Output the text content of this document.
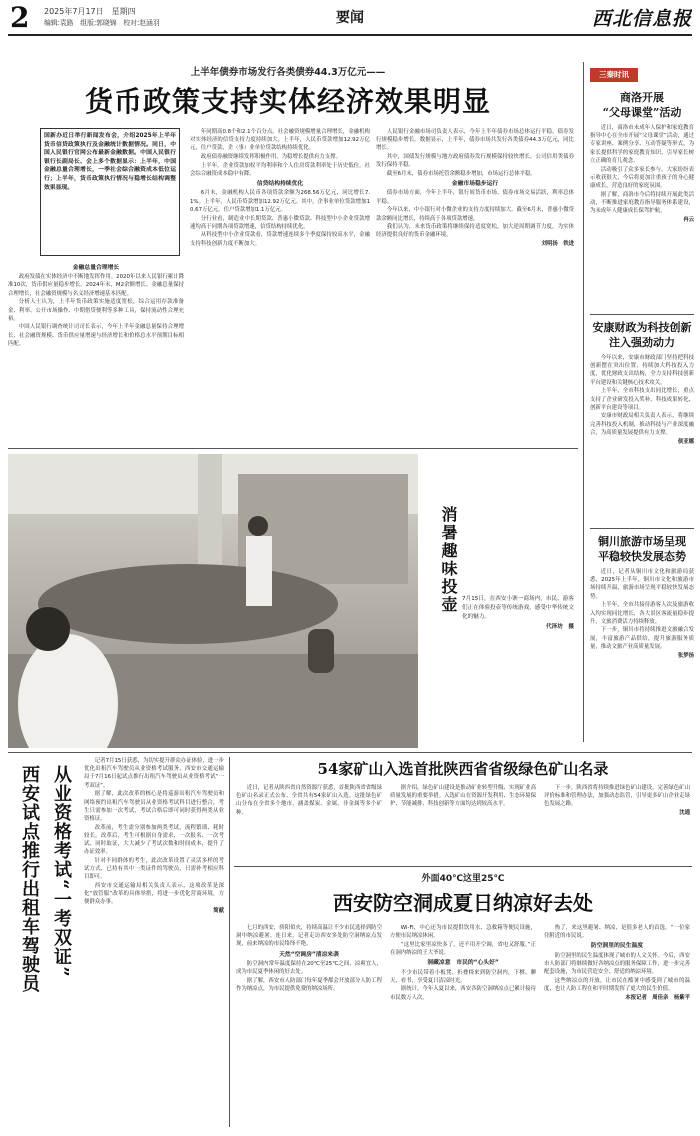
2	2025年7月17日　 星期四
编辑:袁路　组版:郭晓锦　校对:赵涵羽	要闻	西北信息报
上半年债券市场发行各类债券44.3万亿元——
货币政策支持实体经济效果明显
国新办近日举行新闻发布会，介绍2025年上半年货币信贷政策执行及金融统计数据情况。同日，中国人民银行官网公布最新金融数据。中国人民银行银行长副局长、会上多个数据显示：上半年，中国金融总量合理增长，一季社会综合融资成本低位运行；上半年，货币政策执行情况与稳增长结构调整效果显现。
金融总量合理增长

政府发债在实体经济中不断地发挥作用。2020年以来人民银行累计降准10次，货币供应量稳步增长。2024年末，M2余额增长、金融总量保持合理增长，社会融资规模与名义经济增速基本匹配。

分析人士认为，上半年货币政策实施适度宽松，综合运用存款准备金、利率、公开市场操作、中期借贷便利等多种工具，保持流动性合理充裕。

中国人民银行调查统计司司长表示，今年上半年金融总量保持合理增长，社会融资规模、货币供应量增速与经济增长和价格总水平预期目标相匹配。

年同期高0.8个和2.1个百分点。社会融资规模增量合理增长，金融机构对实体经济的信贷支持力度持续加大。上半年，人民币贷款增加12.92万亿元，住户贷款、企（事）业单位贷款结构持续优化。

政府债券融资继续发挥积极作用，为稳增长提供有力支撑。

上半年，企业贷款加权平均利率和个人住房贷款利率处于历史低位，社会综合融资成本稳中有降。

信贷结构持续优化

6月末，金融机构人民币各项贷款余额为268.56万亿元，同比增长7.1%。上半年，人民币贷款增加12.92万亿元。其中，企事业单位贷款增加10.67万亿元，住户贷款增加1.1万亿元。

分行业看，制造业中长期贷款、普惠小微贷款、科技型中小企业贷款增速均高于同期各项贷款增速，信贷结构持续优化。

从科技型中小企业贷款看，贷款增速连续多个季度保持较高水平，金融支持科技创新力度不断加大。

人民银行金融市场司负责人表示，今年上半年债券市场总体运行平稳，债券发行规模稳步增长。数据显示，上半年，债券市场共发行各类债券44.3万亿元，同比增长。

其中，国债发行规模与地方政府债券发行规模保持较快增长，公司信用类债券发行保持平稳。

截至6月末，债券市场托管余额稳步增加，市场运行总体平稳。

金融市场稳步运行

债券市场方面，今年上半年，银行间货币市场、债券市场交易活跃，利率总体平稳。

今年以来，中小银行对小微企业的支持力度持续加大。截至6月末，普惠小微贷款余额同比增长，持续高于各项贷款增速。

我们认为，未来货币政策将继续保持适度宽松，加大逆周期调节力度，为实体经济提供良好的货币金融环境。

刘明扬　铁进
三秦时讯
商洛开展
“父母课堂”活动

近日，商洛市未成年人保护和家庭教育指导中心在全市开展“父母课堂”活动，通过专家讲座、案例分享、互动答疑等形式，为家长提供科学的家庭教育知识，引导家长树立正确的育儿观念。

活动吸引了众多家长参与，大家纷纷表示收获很大，今后将更加注重孩子的身心健康成长，营造良好的家庭氛围。

据了解，商洛市今后将持续开展此类活动，不断推进家庭教育指导服务体系建设，为未成年人健康成长保驾护航。

冉云
安康财政为科技创新
注入强劲动力

今年以来，安康市财政部门坚持把科技创新摆在突出位置，持续加大科技投入力度，优化财政支出结构，全力支持科技创新平台建设和关键核心技术攻关。

上半年，全市科技支出同比增长，重点支持了企业研发投入奖补、科技成果转化、创新平台建设等项目。

安康市财政局相关负责人表示，将继续完善科技投入机制，推动科技与产业深度融合，为高质量发展提供有力支撑。

侯亚娜
铜川旅游市场呈现
平稳较快发展态势

近日，记者从铜川市文化和旅游局获悉，2025年上半年，铜川市文化和旅游市场持续升温，旅游市场呈现平稳较快发展态势。

上半年，全市共接待游客人次及旅游收入均实现同比增长，各大景区客流量稳步提升，文旅消费活力持续释放。

下一步，铜川市将持续推进文旅融合发展，丰富旅游产品供给，提升旅游服务质量，推动文旅产业高质量发展。

张梦扬
消暑趣味投壶 7月15日，在西安小寨一商场内，市民、游客们正在体验投壶等传统游戏，感受中华传统文化的魅力。
代泽坊　摄
从业资格考试“一考双证”
西安试点推行出租车驾驶员

记者7月15日获悉，为切实提升群众办证体验，进一步优化出租汽车驾驶员从业资格考试服务，西安市交通运输局于7月16日起试点推行出租汽车驾驶员从业资格考试“一考双证”。

据了解，此次改革的核心是将巡游出租汽车驾驶员和网络预约出租汽车驾驶员从业资格考试科目进行整合，考生只需参加一次考试，考试合格后即可同时获得两类从业资格证。

改革前，考生需分别参加两类考试，流程繁琐、耗时较长。改革后，考生可根据自身需求，一次报名、一次考试、同时取证，大大减少了考试次数和时间成本，提升了办证效率。

针对不同群体的考生，此次改革设置了灵活多样的考试方式，已持有其中一类证件的驾驶员，只需补考相应科目即可。

西安市交通运输局相关负责人表示，这项改革是深化“放管服”改革的具体举措，将进一步优化营商环境，方便群众办事。

简献
54家矿山入选首批陕西省省级绿色矿山名录

近日，记者从陕西省自然资源厅获悉，首批陕西省省级绿色矿山名录正式公布，全省共有54家矿山入选。这批绿色矿山分布在全省多个地市，涵盖煤炭、金属、非金属等多个矿种。

据介绍，绿色矿山建设是推动矿业转型升级、实现矿业高质量发展的重要举措。入选矿山在资源开发利用、生态环境保护、节能减排、科技创新等方面均达到较高水平。

下一步，陕西省将持续推进绿色矿山建设，完善绿色矿山评价标准和管理办法，加强动态监管，引导更多矿山企业走绿色发展之路。

沈通
外面40℃这里25℃
西安防空洞成夏日纳凉好去处

七月的西安，骄阳似火，持续高温让不少市民选择到防空洞中纳凉避暑。连日来，记者走访西安多处防空洞纳凉点发现，前来纳凉的市民络绎不绝。

天然“空调房”清凉来袭

防空洞内常年温度保持在20℃至25℃之间，凉爽宜人，成为市民夏季休闲的好去处。

据了解，西安市人防部门每年夏季都会开放部分人防工程作为纳凉点，为市民提供免费的纳凉场所。

Wi-Fi，中心还为市民提供饮用水、急救箱等便民设施，方便市民纳凉休闲。

“这里比家里凉快多了，还不用开空调，省电又舒服。”正在洞内纳凉的王大爷说。

洞藏凉意　市民的“心头好”

不少市民带着小板凳、折叠椅来到防空洞内，下棋、聊天、看书，享受夏日清凉时光。

据统计，今年入夏以来，西安各防空洞纳凉点已累计接待市民数万人次。

热了，来这里避暑、纳凉，是很多老人的首选。“一位家住附近的市民说。

防空洞里的民生温度

防空洞里的民生温度体现了城市的人文关怀。今后，西安市人防部门将继续做好各纳凉点的服务保障工作，进一步完善配套设施，为市民营造安全、舒适的纳凉环境。

这些纳凉点的开放，让市民在酷暑中感受到了城市的温度，也让人防工程在和平时期发挥了更大的民生价值。

本报记者　周佳亲　杨紫平
